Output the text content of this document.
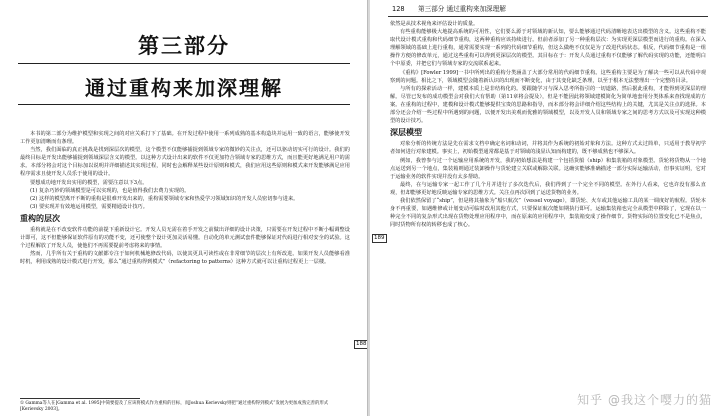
第三部分
通过重构来加深理解

本书的第二部分为维护模型和实现之间的对应关系打下了基础。在开发过程中使用一系列成熟的基本构造块并运用一致的语言，能够使开发工作更加清晰而有条理。

当然，我们面临的真正挑战是找到深层次的模型，这个模型不仅能够捕捉到领域专家的微妙的关注点，还可以驱动切实可行的设计。我们的最终目标是开发出能够捕捉到领域深层含义的模型。以这种方式设计出来的软件不仅更加符合领域专家的思维方式，而且能更好地满足用户的需求。本部分将会对这个目标加以说明并详细描述其实现过程，同时也会解释某些设计原则和模式，我们应用这些原则和模式来开发能够满足应用程序需求且使开发人员乐于使用的设计。

要想成功地开发出实用的模型，需要注意以下3点。

(1) 复杂巧妙的领域模型是可以实现的，也是值得我们去费力实现的。

(2) 这样的模型离开不断的重构是很难开发出来的，重构需要领域专家和热爱学习领域知识的开发人员密切参与进来。

(3) 要实现并有效地运用模型，需要精通设计技巧。

重构的层次

重构就是在不改变软件功能的前提下重新设计它。开发人员无需在着手开发之前做出详细的设计决策，只需要在开发过程中不断小幅调整设计即可，这不但能够保证软件原有的功能不变，还可使整个设计更加灵活易懂。自动化的单元测试套件能够保证对代码进行相对安全的试验。这个过程解放了开发人员，使他们不再需要提前考虑将来的事情。

然而，几乎所有关于重构的文献都专注于如何机械地修改代码，以使其更具可读性或在非常细节的层次上有所改进。如果开发人员能够看准时机，利用成熟的设计模式进行开发，那么“通过重构得到模式”（refactoring to patterns）这种方式就可以让重构过程更上一层楼。

188
① Gamma等人在[Gamma et al. 1995]中简要提及了应该将模式作为重构的目标，而Joshua Kerievsky则把“通过重构得到模式”发展为更加成熟完善的形式[Kerievsky 2003]。
128 第三部分 通过重构来加深理解
189

依然是从技术视角来评估设计的质量。

有些重构能够极大地提高系统的可用性，它们要么源于对领域的新认知，要么能够通过代码清晰地表达出模型的含义。这些重构不能取代设计模式重构和代码细节重构，这两种重构应该持续进行。但前者添加了另一种重构层次：为实现更深层模型而进行的重构。在深入理解领域的基础上进行重构，通常需要实现一系列的代码细节重构，但这么做绝不仅仅是为了改进代码状态。相反，代码细节重构是一组操作方便的修改单元，通过这些重构可以得到更深层次的模型。其目标在于：开发人员通过重构不仅能够了解代码实现的功能，还能明白个中原委，并把它们与领域专家的交流联系起来。

《重构》[Fowler 1999]一书中所列出的重构分类涵盖了大部分常用的代码细节重构。这些重构主要是为了解决一些可以从代码中观察到的问题。相比之下，领域模型会随着新认识的出现而不断变化，由于其变化缺乏条理，以至于根本无法整理出一个完整的目录。

与所有的探索活动一样，建模本质上是非结构化的。要跟随学习与深入思考所指引的一切道路，然后据此重构，才能得到更深层的理解。尽管已发布的成功模型会对我们大有帮助（第11章将会提及），但是不能因此将领域建模简化为简单地套用分类体系来查找现成的方案。在重构的过程中，建模和设计模式能够提供宝贵的思路和指导，而本部分将会详细介绍这些结构上的关键，尤其是关注点的选择。本部分还会介绍一些过程中所遇到的问题，以便开发出美观而优雅的领域模型，以及开发人员和领域专家之间的思考方式以及可实现这种模型的设计技巧。

深层模型

对象分析的传统方法是先在需求文档中确定名词和动词，并将其作为系统的初始对象和方法。这种方式太过简单，只适用于教导初学者如何进行对象建模。事实上，初始模型通常都是基于对领域的浅显认知而构建的，既不够成熟也不够深入。

例如，我曾参与过一个运输应用系统的开发，我的初始想法是构建一个包括货船（ship）和集装箱的对象模型。货轮将货物从一个地点运送到另一个地点，集装箱则通过装卸操作与货轮建立关联或解除关联。这确实能够准确描述一部分实际运输活动，但事实证明，它对于运输业务的软件实现并没有太多帮助。

最终，在与运输专家一起工作了几个月并进行了多次迭代后，我们得到了一个完全不同的模型。在外行人看来，它也许没有那么直观，但却能够更好地反映运输专家的思维方式。关注点再次回到了运送货物的业务。

我们依然保留了“ship”，但是将其抽象为“船只航次”（vessel voyage），即货轮、火车或其他运输工具的某一调度好的航程。货轮本身不再重要，如遇维修或计划变动可临时改用其他方式，只要保证航次能如期执行即可。运输集装箱也完全从模型中移除了，它现在以一种完全不同的复杂形式出现在货物处理应用程序中，而在原来的应用程序中，集装箱变成了操作细节。货物实际的位置变化已不是焦点，同时货物所有权的转移也成了核心。

知乎 @我这个嘤力的猫
